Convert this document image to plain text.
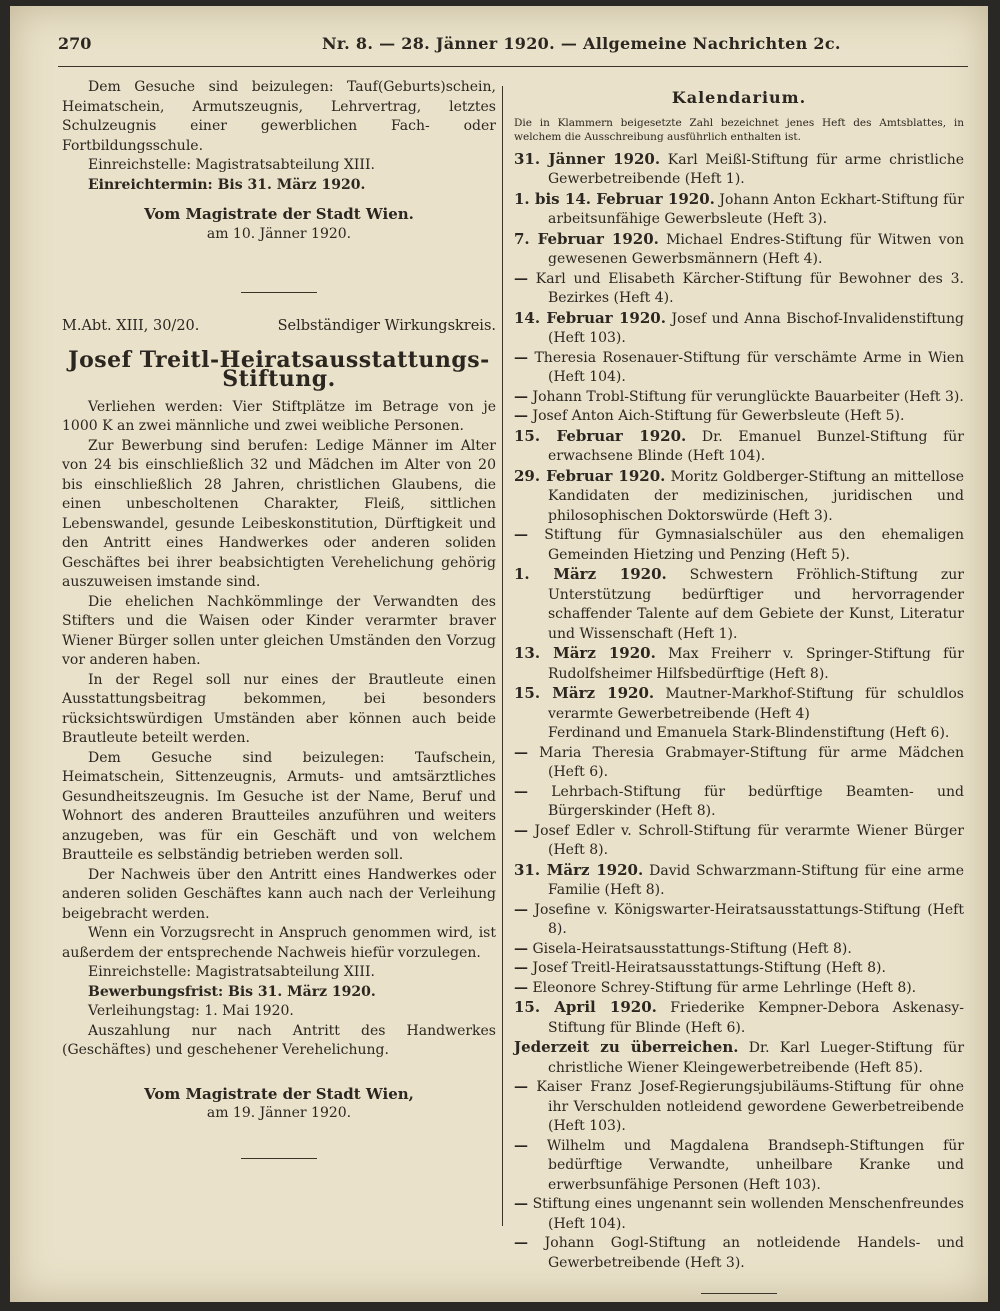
270	Nr. 8. — 28. Jänner 1920. — Allgemeine Nachrichten 2c.

Dem Gesuche sind beizulegen: Tauf(Geburts)schein, Heimatschein, Armutszeugnis, Lehrvertrag, letztes Schulzeugnis einer gewerblichen Fach- oder Fortbildungsschule.

Einreichstelle: Magistratsabteilung XIII.

Einreichtermin: Bis 31. März 1920.

Vom Magistrate der Stadt Wien.

am 10. Jänner 1920.

M.Abt. XIII, 30/20.	Selbständiger Wirkungskreis.
Josef Treitl-Heiratsausstattungs-Stiftung.

Verliehen werden: Vier Stiftplätze im Betrage von je 1000 K an zwei männliche und zwei weibliche Personen.

Zur Bewerbung sind berufen: Ledige Männer im Alter von 24 bis einschließlich 32 und Mädchen im Alter von 20 bis einschließlich 28 Jahren, christlichen Glaubens, die einen unbescholtenen Charakter, Fleiß, sittlichen Lebenswandel, gesunde Leibeskonstitution, Dürftigkeit und den Antritt eines Handwerkes oder anderen soliden Geschäftes bei ihrer beabsichtigten Verehelichung gehörig auszuweisen imstande sind.

Die ehelichen Nachkömmlinge der Verwandten des Stifters und die Waisen oder Kinder verarmter braver Wiener Bürger sollen unter gleichen Umständen den Vorzug vor anderen haben.

In der Regel soll nur eines der Brautleute einen Ausstattungsbeitrag bekommen, bei besonders rücksichtswürdigen Umständen aber können auch beide Brautleute beteilt werden.

Dem Gesuche sind beizulegen: Taufschein, Heimatschein, Sittenzeugnis, Armuts- und amtsärztliches Gesundheitszeugnis. Im Gesuche ist der Name, Beruf und Wohnort des anderen Brautteiles anzuführen und weiters anzugeben, was für ein Geschäft und von welchem Brautteile es selbständig betrieben werden soll.

Der Nachweis über den Antritt eines Handwerkes oder anderen soliden Geschäftes kann auch nach der Verleihung beigebracht werden.

Wenn ein Vorzugsrecht in Anspruch genommen wird, ist außerdem der entsprechende Nachweis hiefür vorzulegen.

Einreichstelle: Magistratsabteilung XIII.

Bewerbungsfrist: Bis 31. März 1920.

Verleihungstag: 1. Mai 1920.

Auszahlung nur nach Antritt des Handwerkes (Geschäftes) und geschehener Verehelichung.

Vom Magistrate der Stadt Wien,

am 19. Jänner 1920.

Kalendarium.

Die in Klammern beigesetzte Zahl bezeichnet jenes Heft des Amtsblattes, in welchem die Ausschreibung ausführlich enthalten ist.

31. Jänner 1920. Karl Meißl-Stiftung für arme christliche Gewerbetreibende (Heft 1).

1. bis 14. Februar 1920. Johann Anton Eckhart-Stiftung für arbeitsunfähige Gewerbsleute (Heft 3).

7. Februar 1920. Michael Endres-Stiftung für Witwen von gewesenen Gewerbsmännern (Heft 4).

— Karl und Elisabeth Kärcher-Stiftung für Bewohner des 3. Bezirkes (Heft 4).

14. Februar 1920. Josef und Anna Bischof-Invalidenstiftung (Heft 103).

— Theresia Rosenauer-Stiftung für verschämte Arme in Wien (Heft 104).

— Johann Trobl-Stiftung für verunglückte Bauarbeiter (Heft 3).

— Josef Anton Aich-Stiftung für Gewerbsleute (Heft 5).

15. Februar 1920. Dr. Emanuel Bunzel-Stiftung für erwachsene Blinde (Heft 104).

29. Februar 1920. Moritz Goldberger-Stiftung an mittellose Kandidaten der medizinischen, juridischen und philosophischen Doktorswürde (Heft 3).

— Stiftung für Gymnasialschüler aus den ehemaligen Gemeinden Hietzing und Penzing (Heft 5).

1. März 1920. Schwestern Fröhlich-Stiftung zur Unterstützung bedürftiger und hervorragender schaffender Talente auf dem Gebiete der Kunst, Literatur und Wissenschaft (Heft 1).

13. März 1920. Max Freiherr v. Springer-Stiftung für Rudolfsheimer Hilfsbedürftige (Heft 8).

15. März 1920. Mautner-Markhof-Stiftung für schuldlos verarmte Gewerbetreibende (Heft 4)

Ferdinand und Emanuela Stark-Blindenstiftung (Heft 6).

— Maria Theresia Grabmayer-Stiftung für arme Mädchen (Heft 6).

— Lehrbach-Stiftung für bedürftige Beamten- und Bürgerskinder (Heft 8).

— Josef Edler v. Schroll-Stiftung für verarmte Wiener Bürger (Heft 8).

31. März 1920. David Schwarzmann-Stiftung für eine arme Familie (Heft 8).

— Josefine v. Königswarter-Heiratsausstattungs-Stiftung (Heft 8).

— Gisela-Heiratsausstattungs-Stiftung (Heft 8).

— Josef Treitl-Heiratsausstattungs-Stiftung (Heft 8).

— Eleonore Schrey-Stiftung für arme Lehrlinge (Heft 8).

15. April 1920. Friederike Kempner-Debora Askenasy-Stiftung für Blinde (Heft 6).

Jederzeit zu überreichen. Dr. Karl Lueger-Stiftung für christliche Wiener Kleingewerbetreibende (Heft 85).

— Kaiser Franz Josef-Regierungsjubiläums-Stiftung für ohne ihr Verschulden notleidend gewordene Gewerbetreibende (Heft 103).

— Wilhelm und Magdalena Brandseph-Stiftungen für bedürftige Verwandte, unheilbare Kranke und erwerbsunfähige Personen (Heft 103).

— Stiftung eines ungenannt sein wollenden Menschenfreundes (Heft 104).

— Johann Gogl-Stiftung an notleidende Handels- und Gewerbetreibende (Heft 3).
